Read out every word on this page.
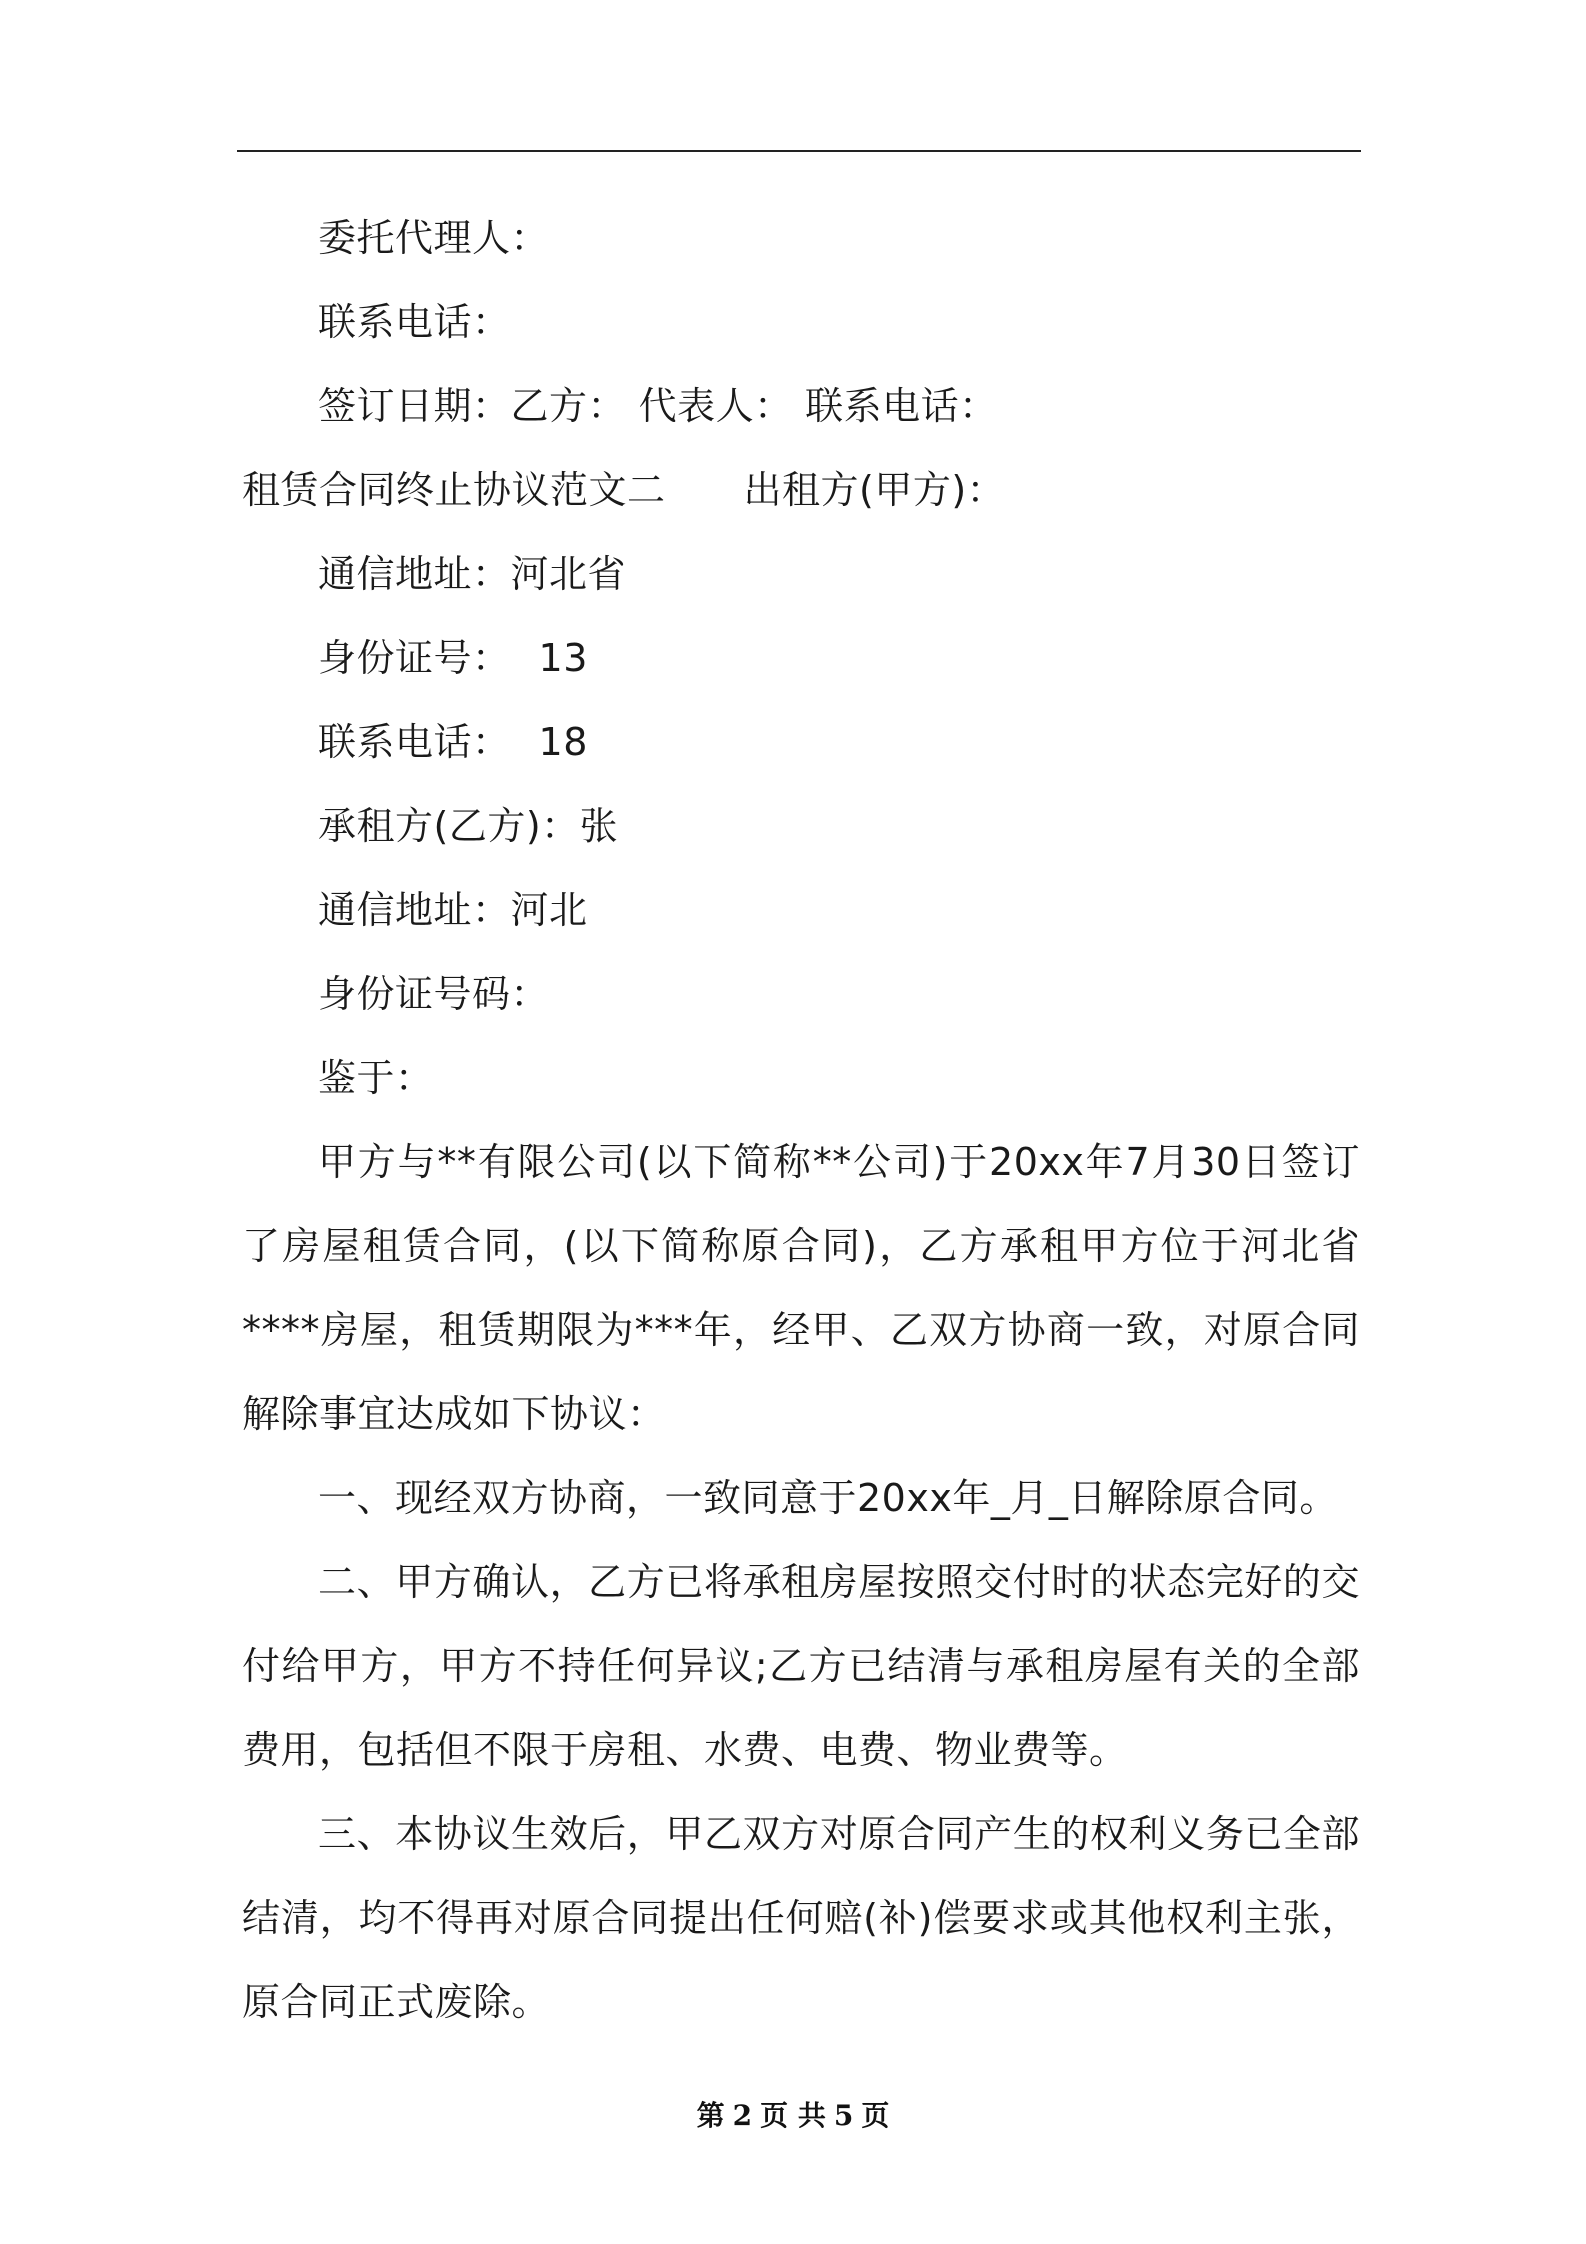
委托代理人：
联系电话：
签订日期：乙方： 代表人： 联系电话：
租赁合同终止协议范文二 出租方(甲方)：
通信地址：河北省
身份证号： 13
联系电话： 18
承租方(乙方)：张
通信地址：河北
身份证号码：
鉴于：
甲方与**有限公司(以下简称**公司)于20xx年7月30日签订了房屋租赁合同，(以下简称原合同)，乙方承租甲方位于河北省****房屋，租赁期限为***年，经甲、乙双方协商一致，对原合同解除事宜达成如下协议：
一、现经双方协商，一致同意于20xx年_月_日解除原合同。
二、甲方确认，乙方已将承租房屋按照交付时的状态完好的交付给甲方，甲方不持任何异议;乙方已结清与承租房屋有关的全部费用，包括但不限于房租、水费、电费、物业费等。
三、本协议生效后，甲乙双方对原合同产生的权利义务已全部结清，均不得再对原合同提出任何赔(补)偿要求或其他权利主张，原合同正式废除。
第 2 页 共 5 页
